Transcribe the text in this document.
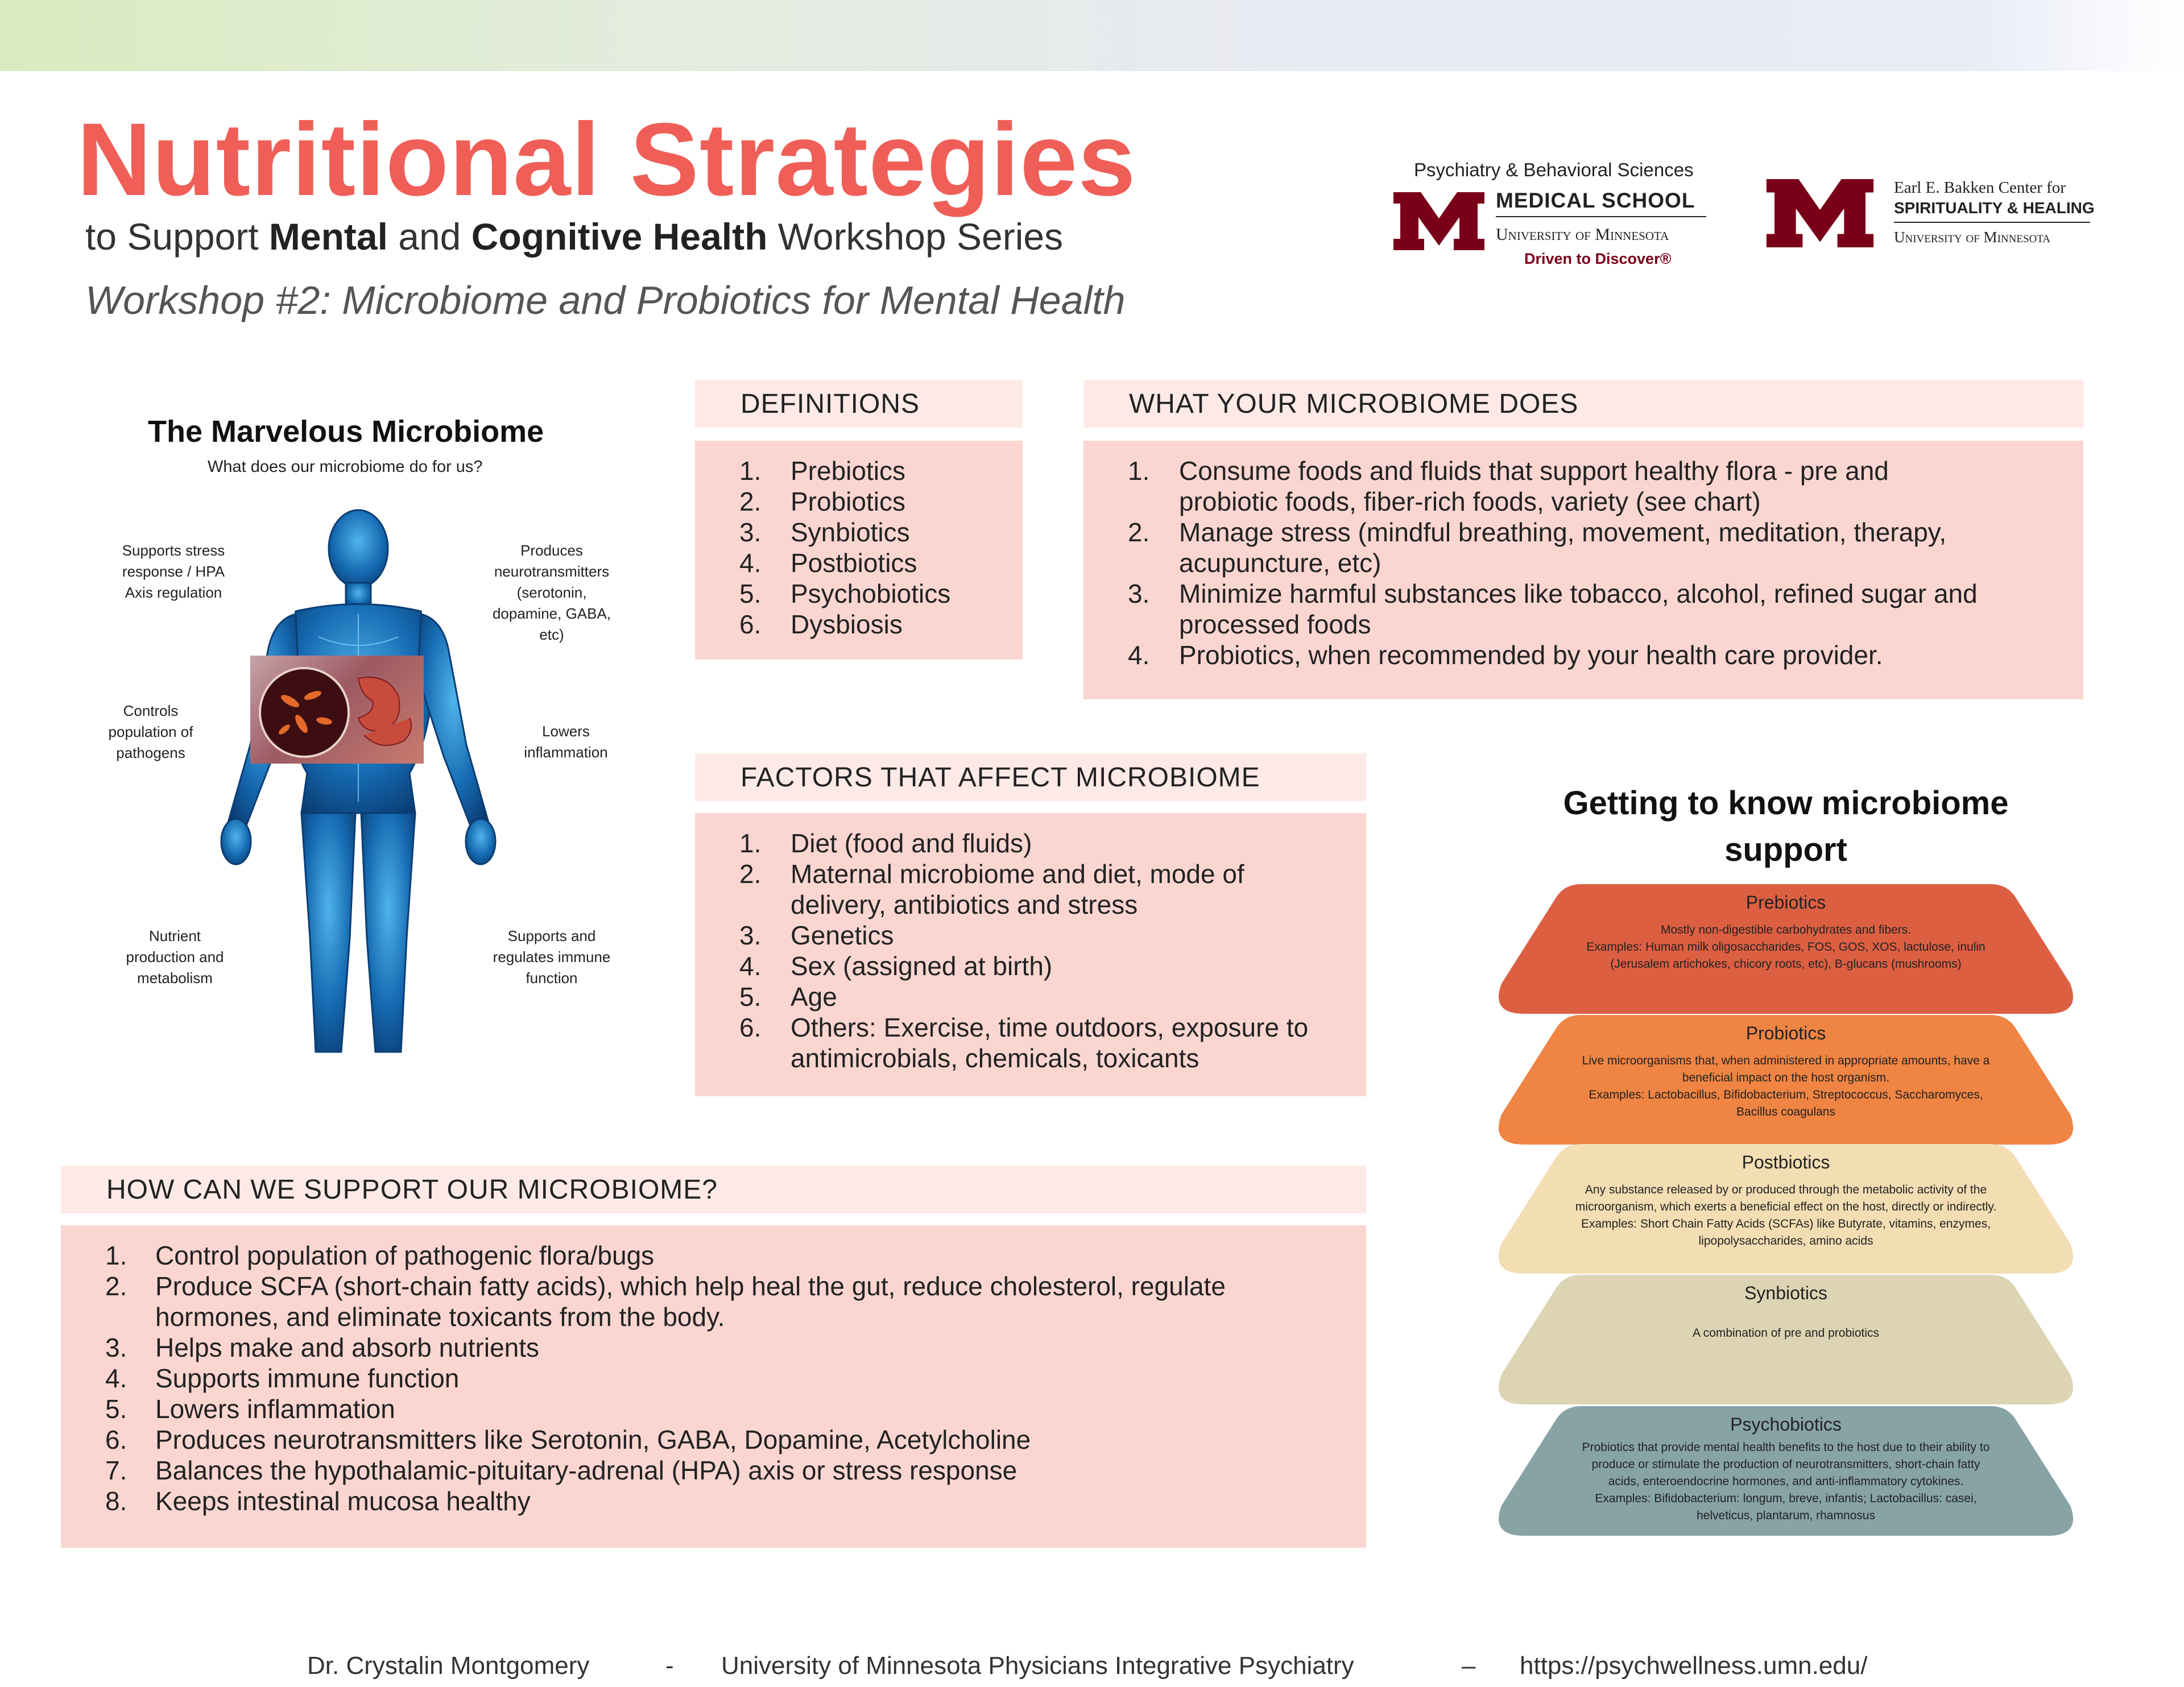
Nutritional Strategies
to Support Mental and Cognitive Health Workshop Series
Workshop #2: Microbiome and Probiotics for Mental Health
Psychiatry & Behavioral Sciences
MEDICAL SCHOOL
University of Minnesota
Driven to Discover®
Earl E. Bakken Center for
SPIRITUALITY & HEALING
University of Minnesota
The Marvelous Microbiome
What does our microbiome do for us?
Supports stress response / HPA Axis regulation
Produces neurotransmitters (serotonin, dopamine, GABA, etc)
Controls population of pathogens
Lowers inflammation
Nutrient production and metabolism
Supports and regulates immune function
DEFINITIONS
1.	Prebiotics
2.	Probiotics
3.	Synbiotics
4.	Postbiotics
5.	Psychobiotics
6.	Dysbiosis
WHAT YOUR MICROBIOME DOES
1.	Consume foods and fluids that support healthy flora - pre and probiotic foods, fiber-rich foods, variety (see chart)
2.	Manage stress (mindful breathing, movement, meditation, therapy, acupuncture, etc)
3.	Minimize harmful substances like tobacco, alcohol, refined sugar and processed foods
4.	Probiotics, when recommended by your health care provider.
FACTORS THAT AFFECT MICROBIOME
1.	Diet (food and fluids)
2.	Maternal microbiome and diet, mode of delivery, antibiotics and stress
3.	Genetics
4.	Sex (assigned at birth)
5.	Age
6.	Others: Exercise, time outdoors, exposure to antimicrobials, chemicals, toxicants
HOW CAN WE SUPPORT OUR MICROBIOME?
1.	Control population of pathogenic flora/bugs
2.	Produce SCFA (short-chain fatty acids), which help heal the gut, reduce cholesterol, regulate hormones, and eliminate toxicants from the body.
3.	Helps make and absorb nutrients
4.	Supports immune function
5.	Lowers inflammation
6.	Produces neurotransmitters like Serotonin, GABA, Dopamine, Acetylcholine
7.	Balances the hypothalamic-pituitary-adrenal (HPA) axis or stress response
8.	Keeps intestinal mucosa healthy
Getting to know microbiome support
Prebiotics
Mostly non-digestible carbohydrates and fibers.
Examples: Human milk oligosaccharides, FOS, GOS, XOS, lactulose, inulin
(Jerusalem artichokes, chicory roots, etc), B-glucans (mushrooms)
Probiotics
Live microorganisms that, when administered in appropriate amounts, have a
beneficial impact on the host organism.
Examples: Lactobacillus, Bifidobacterium, Streptococcus, Saccharomyces,
Bacillus coagulans
Postbiotics
Any substance released by or produced through the metabolic activity of the
microorganism, which exerts a beneficial effect on the host, directly or indirectly.
Examples: Short Chain Fatty Acids (SCFAs) like Butyrate, vitamins, enzymes,
lipopolysaccharides, amino acids
Synbiotics
A combination of pre and probiotics
Psychobiotics
Probiotics that provide mental health benefits to the host due to their ability to
produce or stimulate the production of neurotransmitters, short-chain fatty
acids, enteroendocrine hormones, and anti-inflammatory cytokines.
Examples: Bifidobacterium: longum, breve, infantis; Lactobacillus: casei,
helveticus, plantarum, rhamnosus
Dr. Crystalin Montgomery	- University of Minnesota Physicians Integrative Psychiatry	– https://psychwellness.umn.edu/
